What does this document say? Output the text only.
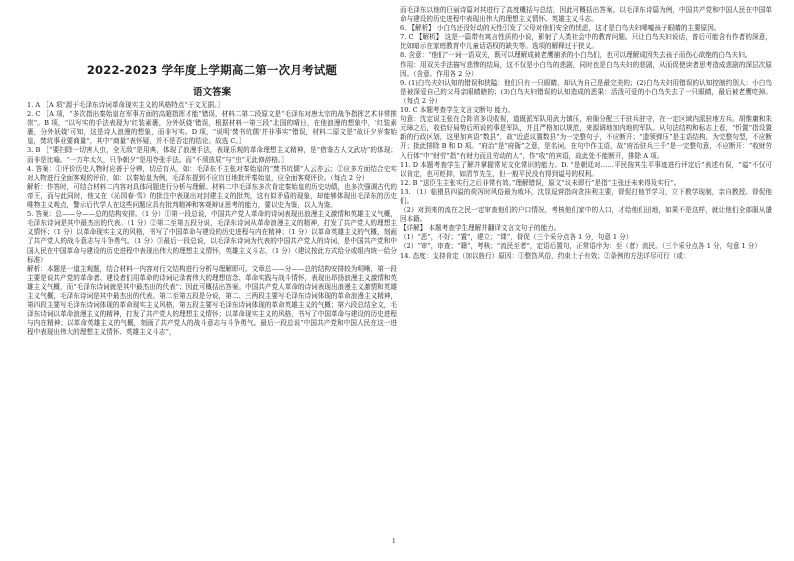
2022-2023 学年度上学期高二第一次月考试题
语文答案

1. A ［A 项“源于毛泽东诗词革命现实主义的风格特点”于文无据。］

2. C ［A 项，“多次指出秦始皇在军事方面的高超指挥才能”错误，材料二第二段原文是“毛泽东对唐太宗的战争指挥艺术非常推崇”。B 项，“以写实的手法表现为‘红装素裹，分外妖娆’错误，根据材料一第三段“北国的晴日，在他浪漫的想象中，‘红装素裹，分外妖娆’可知，这是诗人浪漫的想象，而非写实。D 项，“说明‘焚书坑儒’并非事实”错误，材料二原文是“故讦夕岁秦始皇，焚坑事业要商量”，其中“商量”表怀疑，并不是否定的结论。故选 C。］

3. B ［“要扫除一切害人虫，全无敌”是用典，体现了浪漫手法，表现乐观的革命理想主义精神，是“借鉴古人文武功”的体现；而非是比喻。“一万年太久，只争朝夕”是用夸张手法。而“不须放屁”与“虫”无此修辞格。］

4. 答案：①评价历史人物时应善于分辨，切忌盲从，如：毛泽东不主张对秦始皇的“焚书坑儒”人云亦云；②应多方面结合史实对人物进行全面客观的评价，如：以秦始皇为例，毛泽东提到不应盲目地批评秦始皇，应全面客观评价。（每点 2 分）

解析：作答时，可结合材料二内容对具体问题进行分析与理解。材料二中毛泽东多次肯定秦始皇的历史功绩，也多次强调古代的帝王，而与此同时，他又在《沁园春·雪》的批注中表现出对封建主义的批判，这有似矛盾的现象，却能够体现出毛泽东的历史唯物主义观点，警示后代学人在这些问题应具有批判精神和客观辩证思考的能力，要以史为鉴，以人为鉴。

5. 答案：总——分——总的结构安排。（1 分）①第一段总说，中国共产党人革命的诗词表现出浪漫主义激情和英雄主义气概，毛泽东诗词是其中最杰出的代表。（1 分）②第二至第五段分说，毛泽东诗词从革命浪漫主义的精神，打发了共产党人的理想主义情怀；（1 分）以革命现实主义的风格，书写了中国革命与建设的历史进程与内在精神；（1 分）以革命英雄主义的气概，刻画了共产党人的战斗意志与斗争勇气。（1 分）③最后一段总说，以毛泽东诗词为代表的中国共产党人的诗词，是中国共产党和中国人民在中国革命与建设的历史进程中表现出伟大的理想主义情怀，英雄主义斗志，（1 分）（建议按此方式给分或组内统一给分标准）

解析：本题是一道主观题，结合材料一内容对行文结构进行分析与理解即可。文章总——分——总的结构安排较为明晰，第一段主要是说共产党的革命者、建设者们用革命的诗词记录着伟大的理想信念、革命实践与战斗情怀，表现出昂扬浪漫主义激情和英雄主义气概，而“毛泽东诗词就是其中最杰出的代表”；因此可概括出答案。中国共产党人革命的诗词表现出浪漫主义激情和英雄主义气概，毛泽东诗词是其中最杰出的代表。第二至第五段是分说，第二、三两段主要写毛泽东诗词体现的革命浪漫主义精神，第四段主要写毛泽东诗词体现的革命现实主义风格，第五段主要写毛泽东诗词体现的革命英雄主义的气概；第六段总结全文，毛泽东诗词以革命浪漫主义的精神，打发了共产党人的理想主义情怀；以革命现实主义的风格，书写了中国革命与建设的历史进程与内在精神；以革命英雄主义的气概，刻画了共产党人的战斗意志与斗争勇气。最后一段总说“中国共产党和中国人民在这一进程中表现出伟大的理想主义情怀、英雄主义斗志”，

而毛泽东以他的巨丽诗篇对其进行了高度概括与总结，因此可概括出答案。以毛泽东诗篇为例，中国共产党和中国人民在中国革命与建设的历史进程中表现出伟大的理想主义情怀、英雄主义斗志。

6. 【解析】 小白鸟还没好动的天性引发了父母对他们安全的忧虑，这才是白鸟夫妇唏嘘孩子眼睛的主要原因。

7. C 【解析】 这是一篇带有寓言性质的小说，影射了人类社会中的教育问题。只让白鸟夫妇说话，普后可能含有作者的深意，比如暗示在家庭教育中儿童话语权的缺失等。选项的解释过于狭义。

8. 含意：“他们”一词一语双关，既可以理解成被老鹰捕杀的小白鸟们，也可以理解成因失去孩子而伤心欲绝的白鸟夫妇。

作用：用双关手法描写悲惨的结局，这不仅是小白鸟的悲剧，同时也是白鸟夫妇的悲剧，从而促使读者思考造成悲剧的深层次原因。（含意、作用各 2 分）

9. (1)白鸟夫妇认知的错误和狭隘：他们只有一只眼睛，却认为自己是最完美的；(2)白鸟夫妇用错误的认知控制约别人：小白鸟是被深爱自己的父母亲眼睛瞎的；(3)白鸟夫妇错误的认知造成的恶果：活泼可爱的小白鸟失去了一只眼睛，最后被老鹰吃掉。（每点 2 分）

10. C 本题考查学生文言文断句 能力。

句意：沈定说主张在合阵省多设收视，道既派军队用武力镇压，府衙分配三千驻兵驻守，在一定区域内派驻地方兵。胡惟庸和朱元璋之后，收拾好局势后所说的事是军队，并且严格加以规范，来源调地加内地的军队。从句法结构和标志上看，“忻置”指设置新的行政区划，这里加宾语“数县”，故“近虑议置数县”为一完整句子，不应断开；“遗领弹压”是主语结构，为完整句型，不应断开；批此排除 B 和 D 项。“府治”是“府衙”之意，是名词，在句中作主语，故“府治驻兵三千”是一完整句意，不应断开：“收财劳入行体”中“财劳”指“有财力而且劳动的人”，作“收”的宾语，故此处不能断开，排除 A 项。

11. D 本题考查学生了解并掌握常见文化常识的能力。D. “是朝廷对……平民按其生平事迹进行评定后”表述有误，“谥”不仅可以肯定，也可贬抑，如清节先生，但一般平民没有得到谥号的权利。

12. B “送臣生主张实行之后非常有效。”理解错误，原文“议未即行”是指“主张还未来得及实行”。

13. （1）临猾县四溢的荷泻时风俗最为败坏，沈显逗营指向贪挂利主要，督促打他节学习，立下教学现制，亲自教授、督促他们。

（2）对到来的流在之民一定审查他们的户口情况，考核他们家中的人口，才给他们田地，如果不是这样，就让他们全部服从遣回本籍。

【详解】 本题考查学生理解并翻译文言文句子的能力。

（1）“恶”，不好；“置”，建立；“课”，督促（三个采分点各 1 分，句意 1 分）

（2）“审”，审查；“籍”，考核；“流民至者”，定语后置句，正常语序为：至（者）流民。（三个采分点各 1 分，句意 1 分）

14. 态度：支持肯定（加以旌行）原因：①整饬风俗，约束士子有效；②条例的方法详尽可行（或：

1
